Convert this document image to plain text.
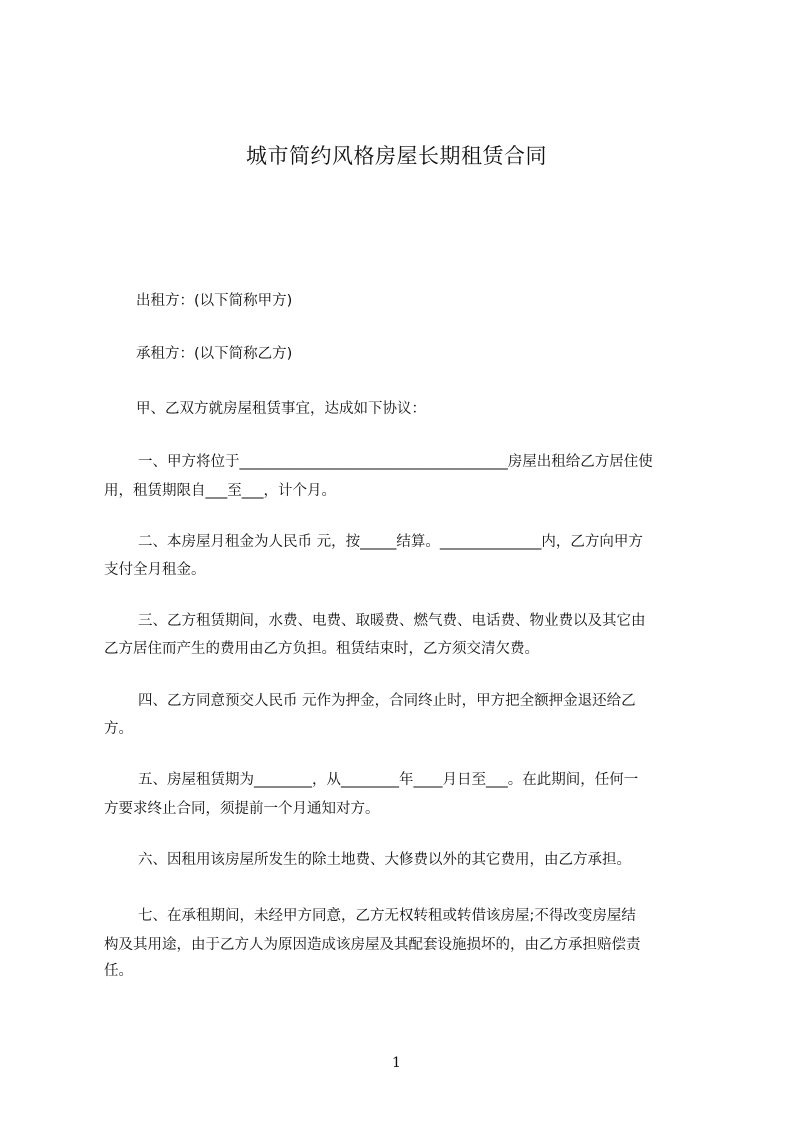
城市简约风格房屋长期租赁合同
出租方：(以下简称甲方)
承租方：(以下简称乙方)
甲、乙双方就房屋租赁事宜，达成如下协议：
一、甲方将位于_____________________________________房屋出租给乙方居住使
用，租赁期限自___至___，计个月。
二、本房屋月租金为人民币 元，按_____结算。______________内，乙方向甲方
支付全月租金。
三、乙方租赁期间，水费、电费、取暖费、燃气费、电话费、物业费以及其它由
乙方居住而产生的费用由乙方负担。租赁结束时，乙方须交清欠费。
四、乙方同意预交人民币 元作为押金，合同终止时，甲方把全额押金退还给乙
方。
五、房屋租赁期为________，从________年____月日至___。在此期间，任何一
方要求终止合同，须提前一个月通知对方。
六、因租用该房屋所发生的除土地费、大修费以外的其它费用，由乙方承担。
七、在承租期间，未经甲方同意，乙方无权转租或转借该房屋;不得改变房屋结
构及其用途，由于乙方人为原因造成该房屋及其配套设施损坏的，由乙方承担赔偿责
任。
1
